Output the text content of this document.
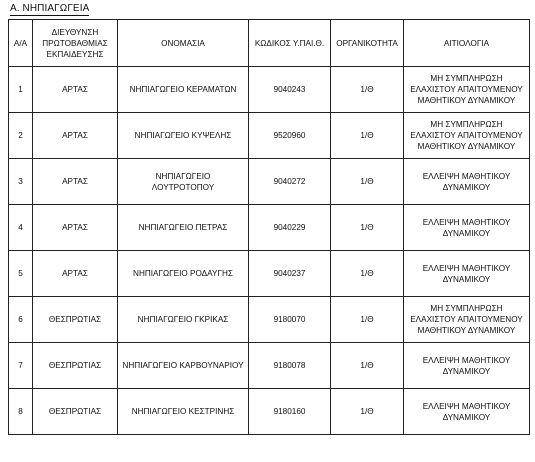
Α. ΝΗΠΙΑΓΩΓΕΙΑ
Α/Α	ΔΙΕΥΘΥΝΣΗ
ΠΡΩΤΟΒΑΘΜΙΑΣ
ΕΚΠΑΙΔΕΥΣΗΣ	ΟΝΟΜΑΣΙΑ	ΚΩΔΙΚΟΣ Υ.ΠΑΙ.Θ.	ΟΡΓΑΝΙΚΟΤΗΤΑ	ΑΙΤΙΟΛΟΓΙΑ

1	ΑΡΤΑΣ	ΝΗΠΙΑΓΩΓΕΙΟ ΚΕΡΑΜΑΤΩΝ	9040243	1/Θ	ΜΗ ΣΥΜΠΛΗΡΩΣΗ
ΕΛΑΧΙΣΤΟΥ ΑΠΑΙΤΟΥΜΕΝΟΥ
ΜΑΘΗΤΙΚΟΥ ΔΥΝΑΜΙΚΟΥ

2	ΑΡΤΑΣ	ΝΗΠΙΑΓΩΓΕΙΟ ΚΥΨΕΛΗΣ	9520960	1/Θ	ΜΗ ΣΥΜΠΛΗΡΩΣΗ
ΕΛΑΧΙΣΤΟΥ ΑΠΑΙΤΟΥΜΕΝΟΥ
ΜΑΘΗΤΙΚΟΥ ΔΥΝΑΜΙΚΟΥ

3	ΑΡΤΑΣ	ΝΗΠΙΑΓΩΓΕΙΟ
ΛΟΥΤΡΟΤΟΠΟΥ	9040272	1/Θ	ΕΛΛΕΙΨΗ ΜΑΘΗΤΙΚΟΥ
ΔΥΝΑΜΙΚΟΥ

4	ΑΡΤΑΣ	ΝΗΠΙΑΓΩΓΕΙΟ ΠΕΤΡΑΣ	9040229	1/Θ	ΕΛΛΕΙΨΗ ΜΑΘΗΤΙΚΟΥ
ΔΥΝΑΜΙΚΟΥ

5	ΑΡΤΑΣ	ΝΗΠΙΑΓΩΓΕΙΟ ΡΟΔΑΥΓΗΣ	9040237	1/Θ	ΕΛΛΕΙΨΗ ΜΑΘΗΤΙΚΟΥ
ΔΥΝΑΜΙΚΟΥ

6	ΘΕΣΠΡΩΤΙΑΣ	ΝΗΠΙΑΓΩΓΕΙΟ ΓΚΡΙΚΑΣ	9180070	1/Θ	ΜΗ ΣΥΜΠΛΗΡΩΣΗ
ΕΛΑΧΙΣΤΟΥ ΑΠΑΙΤΟΥΜΕΝΟΥ
ΜΑΘΗΤΙΚΟΥ ΔΥΝΑΜΙΚΟΥ

7	ΘΕΣΠΡΩΤΙΑΣ	ΝΗΠΙΑΓΩΓΕΙΟ ΚΑΡΒΟΥΝΑΡΙΟΥ	9180078	1/Θ	ΕΛΛΕΙΨΗ ΜΑΘΗΤΙΚΟΥ
ΔΥΝΑΜΙΚΟΥ

8	ΘΕΣΠΡΩΤΙΑΣ	ΝΗΠΙΑΓΩΓΕΙΟ ΚΕΣΤΡΙΝΗΣ	9180160	1/Θ	ΕΛΛΕΙΨΗ ΜΑΘΗΤΙΚΟΥ
ΔΥΝΑΜΙΚΟΥ
